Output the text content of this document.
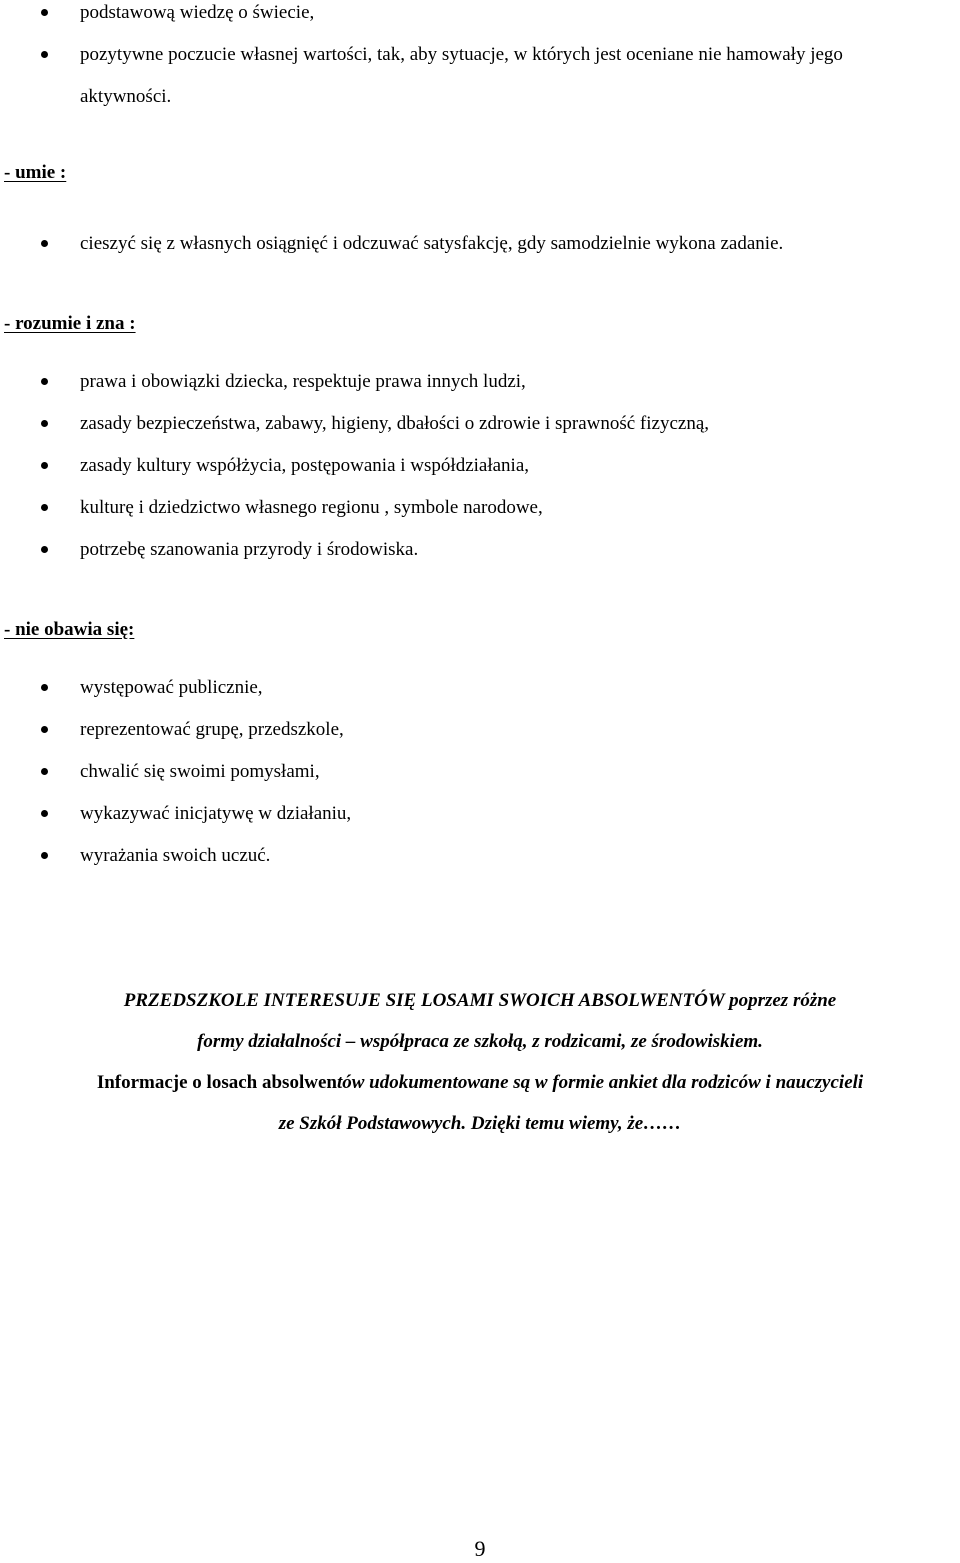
podstawową wiedzę o świecie,
pozytywne poczucie własnej wartości, tak, aby sytuacje, w których jest oceniane nie hamowały jego aktywności.
- umie :
cieszyć się z własnych osiągnięć i odczuwać satysfakcję, gdy samodzielnie wykona zadanie.
- rozumie i zna :
prawa i obowiązki dziecka, respektuje prawa innych ludzi,
zasady bezpieczeństwa, zabawy, higieny, dbałości o zdrowie i sprawność fizyczną,
zasady kultury współżycia, postępowania i współdziałania,
kulturę i dziedzictwo własnego regionu , symbole narodowe,
potrzebę szanowania przyrody i środowiska.
- nie obawia się:
występować publicznie,
reprezentować grupę, przedszkole,
chwalić się swoimi pomysłami,
wykazywać inicjatywę w działaniu,
wyrażania swoich uczuć.
PRZEDSZKOLE INTERESUJE SIĘ LOSAMI SWOICH ABSOLWENTÓW poprzez różne
formy działalności – współpraca ze szkołą, z rodzicami, ze środowiskiem.
Informacje o losach absolwentów udokumentowane są w formie ankiet dla rodziców i nauczycieli
ze Szkół Podstawowych. Dzięki temu wiemy, że……
9
